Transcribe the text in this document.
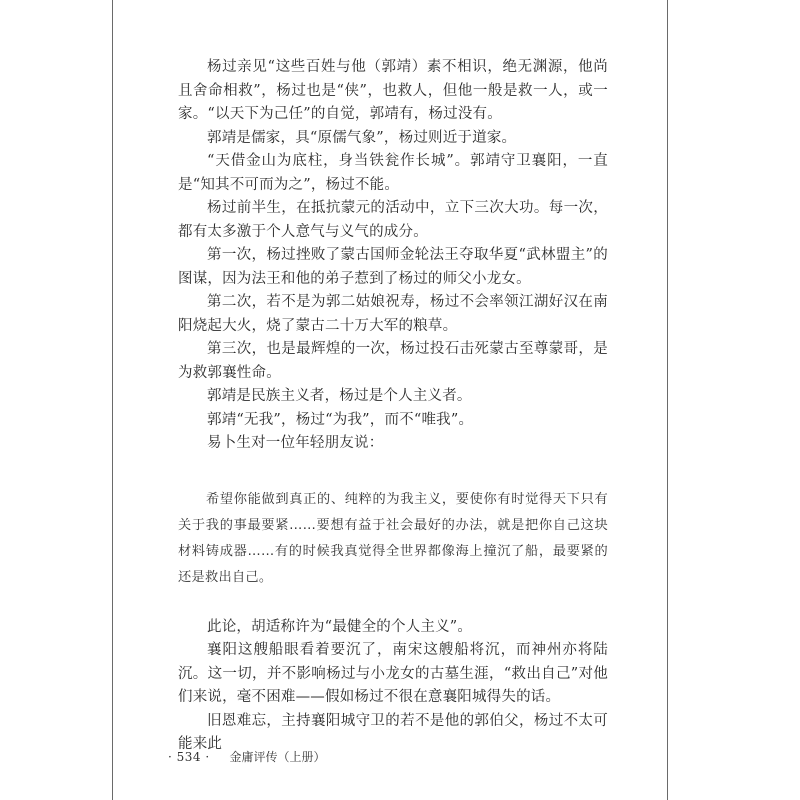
杨过亲见“这些百姓与他（郭靖）素不相识，绝无渊源，他尚且舍命相救”，杨过也是“侠”，也救人，但他一般是救一人，或一家。“以天下为己任”的自觉，郭靖有，杨过没有。

郭靖是儒家，具“原儒气象”，杨过则近于道家。

“天借金山为底柱，身当铁瓮作长城”。郭靖守卫襄阳，一直是“知其不可而为之”，杨过不能。

杨过前半生，在抵抗蒙元的活动中，立下三次大功。每一次，都有太多激于个人意气与义气的成分。

第一次，杨过挫败了蒙古国师金轮法王夺取华夏“武林盟主”的图谋，因为法王和他的弟子惹到了杨过的师父小龙女。

第二次，若不是为郭二姑娘祝寿，杨过不会率领江湖好汉在南阳烧起大火，烧了蒙古二十万大军的粮草。

第三次，也是最辉煌的一次，杨过投石击死蒙古至尊蒙哥，是为救郭襄性命。

郭靖是民族主义者，杨过是个人主义者。

郭靖“无我”，杨过“为我”，而不“唯我”。

易卜生对一位年轻朋友说：

希望你能做到真正的、纯粹的为我主义，要使你有时觉得天下只有关于我的事最要紧……要想有益于社会最好的办法，就是把你自己这块材料铸成器……有的时候我真觉得全世界都像海上撞沉了船，最要紧的还是救出自己。

此论，胡适称许为“最健全的个人主义”。

襄阳这艘船眼看着要沉了，南宋这艘船将沉，而神州亦将陆沉。这一切，并不影响杨过与小龙女的古墓生涯，“救出自己”对他们来说，毫不困难——假如杨过不很在意襄阳城得失的话。

旧恩难忘，主持襄阳城守卫的若不是他的郭伯父，杨过不太可能来此

· 534 · 金庸评传（上册）
